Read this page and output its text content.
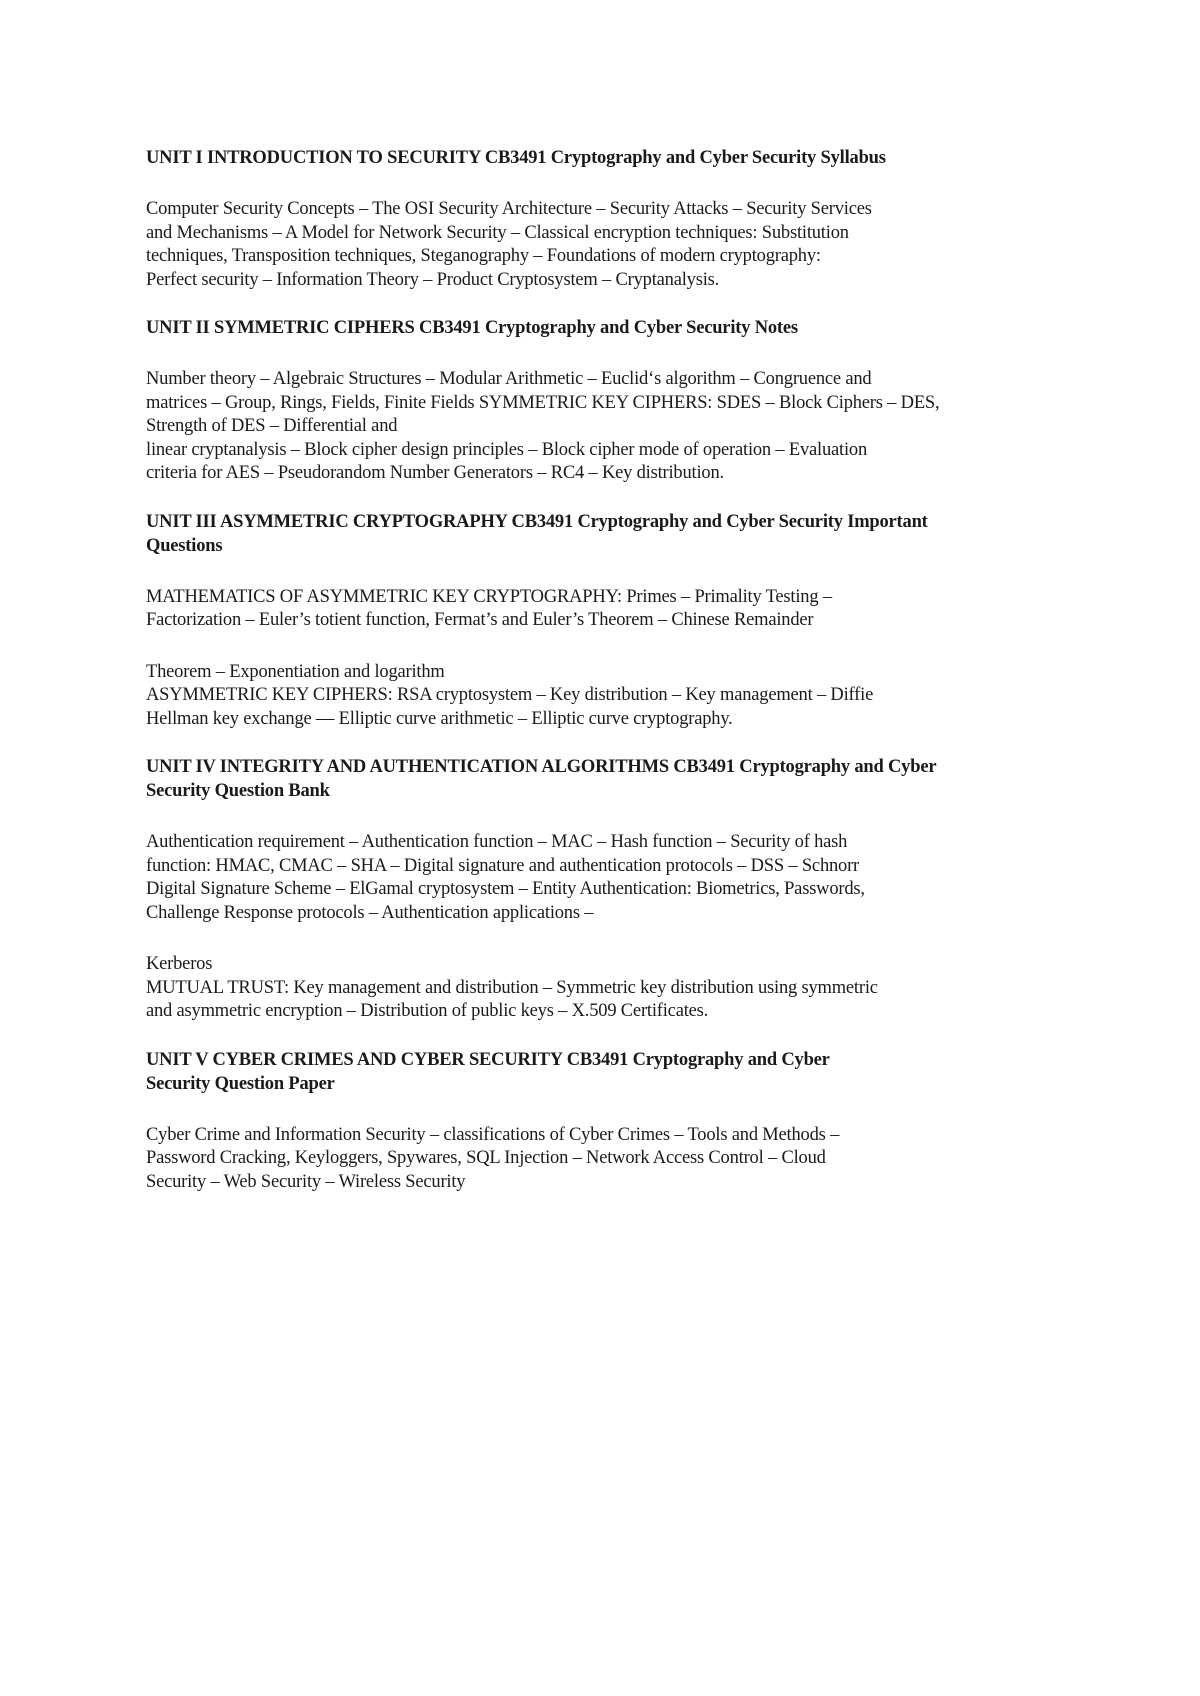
UNIT I INTRODUCTION TO SECURITY CB3491 Cryptography and Cyber Security Syllabus

Computer Security Concepts – The OSI Security Architecture – Security Attacks – Security Services
and Mechanisms – A Model for Network Security – Classical encryption techniques: Substitution
techniques, Transposition techniques, Steganography – Foundations of modern cryptography:
Perfect security – Information Theory – Product Cryptosystem – Cryptanalysis.

UNIT II SYMMETRIC CIPHERS CB3491 Cryptography and Cyber Security Notes

Number theory – Algebraic Structures – Modular Arithmetic – Euclid‘s algorithm – Congruence and
matrices – Group, Rings, Fields, Finite Fields SYMMETRIC KEY CIPHERS: SDES – Block Ciphers – DES,
Strength of DES – Differential and
linear cryptanalysis – Block cipher design principles – Block cipher mode of operation – Evaluation
criteria for AES – Pseudorandom Number Generators – RC4 – Key distribution.

UNIT III ASYMMETRIC CRYPTOGRAPHY CB3491 Cryptography and Cyber Security Important
Questions

MATHEMATICS OF ASYMMETRIC KEY CRYPTOGRAPHY: Primes – Primality Testing –
Factorization – Euler’s totient function, Fermat’s and Euler’s Theorem – Chinese Remainder

Theorem – Exponentiation and logarithm
ASYMMETRIC KEY CIPHERS: RSA cryptosystem – Key distribution – Key management – Diffie
Hellman key exchange — Elliptic curve arithmetic – Elliptic curve cryptography.

UNIT IV INTEGRITY AND AUTHENTICATION ALGORITHMS CB3491 Cryptography and Cyber
Security Question Bank

Authentication requirement – Authentication function – MAC – Hash function – Security of hash
function: HMAC, CMAC – SHA – Digital signature and authentication protocols – DSS – Schnorr
Digital Signature Scheme – ElGamal cryptosystem – Entity Authentication: Biometrics, Passwords,
Challenge Response protocols – Authentication applications –

Kerberos
MUTUAL TRUST: Key management and distribution – Symmetric key distribution using symmetric
and asymmetric encryption – Distribution of public keys – X.509 Certificates.

UNIT V CYBER CRIMES AND CYBER SECURITY CB3491 Cryptography and Cyber
Security Question Paper

Cyber Crime and Information Security – classifications of Cyber Crimes – Tools and Methods –
Password Cracking, Keyloggers, Spywares, SQL Injection – Network Access Control – Cloud
Security – Web Security – Wireless Security
